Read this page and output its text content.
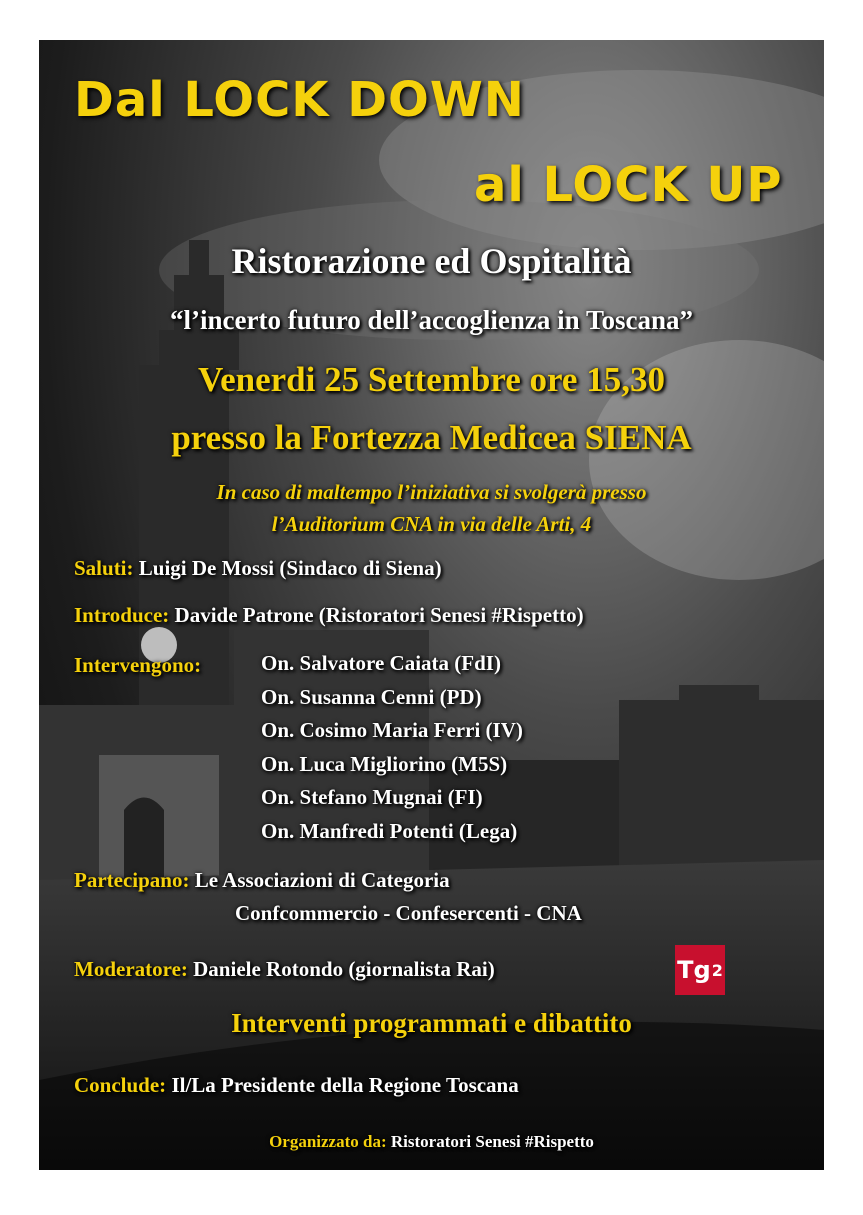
Dal LOCK DOWN
al LOCK UP
Ristorazione ed Ospitalità
“l’incerto futuro dell’accoglienza in Toscana”
Venerdi 25 Settembre ore 15,30
presso la Fortezza Medicea SIENA
In caso di maltempo l’iniziativa si svolgerà presso
l’Auditorium CNA in via delle Arti, 4
Saluti: Luigi De Mossi (Sindaco di Siena)
Introduce: Davide Patrone (Ristoratori Senesi #Rispetto)
Intervengono:	On. Salvatore Caiata (FdI)
On. Susanna Cenni (PD)
On. Cosimo Maria Ferri (IV)
On. Luca Migliorino (M5S)
On. Stefano Mugnai (FI)
On. Manfredi Potenti (Lega)
Partecipano: Le Associazioni di Categoria
Confcommercio - Confesercenti - CNA
Moderatore: Daniele Rotondo (giornalista Rai)	Tg 2
Interventi programmati e dibattito
Conclude: Il/La Presidente della Regione Toscana
Organizzato da: Ristoratori Senesi #Rispetto
